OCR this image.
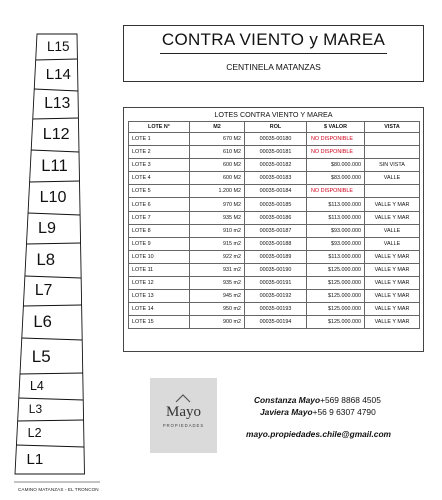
L15
L14
L13
L12
L11
L10
L9
L8
L7
L6
L5
L4
L3
L2
L1
CAMINO MATANZAS - EL TRONCON
CONTRA VIENTO y MAREA
CENTINELA MATANZAS
LOTES CONTRA VIENTO Y MAREA
LOTE N°	M2	ROL	$ VALOR	VISTA
LOTE 1	670 M2	00035-00180	NO DISPONIBLE	
LOTE 2	610 M2	00035-00181	NO DISPONIBLE	
LOTE 3	600 M2	00035-00182	$80.000.000	SIN VISTA
LOTE 4	600 M2	00035-00183	$83.000.000	VALLE
LOTE 5	1.200 M2	00035-00184	NO DISPONIBLE	
LOTE 6	970 M2	00035-00185	$113.000.000	VALLE Y MAR
LOTE 7	935 M2	00035-00186	$113.000.000	VALLE Y MAR
LOTE 8	910 m2	00035-00187	$93.000.000	VALLE
LOTE 9	915 m2	00035-00188	$93.000.000	VALLE
LOTE 10	922 m2	00035-00189	$113.000.000	VALLE Y MAR
LOTE 11	931 m2	00035-00190	$125.000.000	VALLE Y MAR
LOTE 12	935 m2	00035-00191	$125.000.000	VALLE Y MAR
LOTE 13	945 m2	00035-00192	$125.000.000	VALLE Y MAR
LOTE 14	950 m2	00035-00193	$125.000.000	VALLE Y MAR
LOTE 15	900 m2	00035-00194	$125.000.000	VALLE Y MAR
Mayo
PROPIEDADES
Constanza Mayo+569 8868 4505
Javiera Mayo+56 9 6307 4790
mayo.propiedades.chile@gmail.com
